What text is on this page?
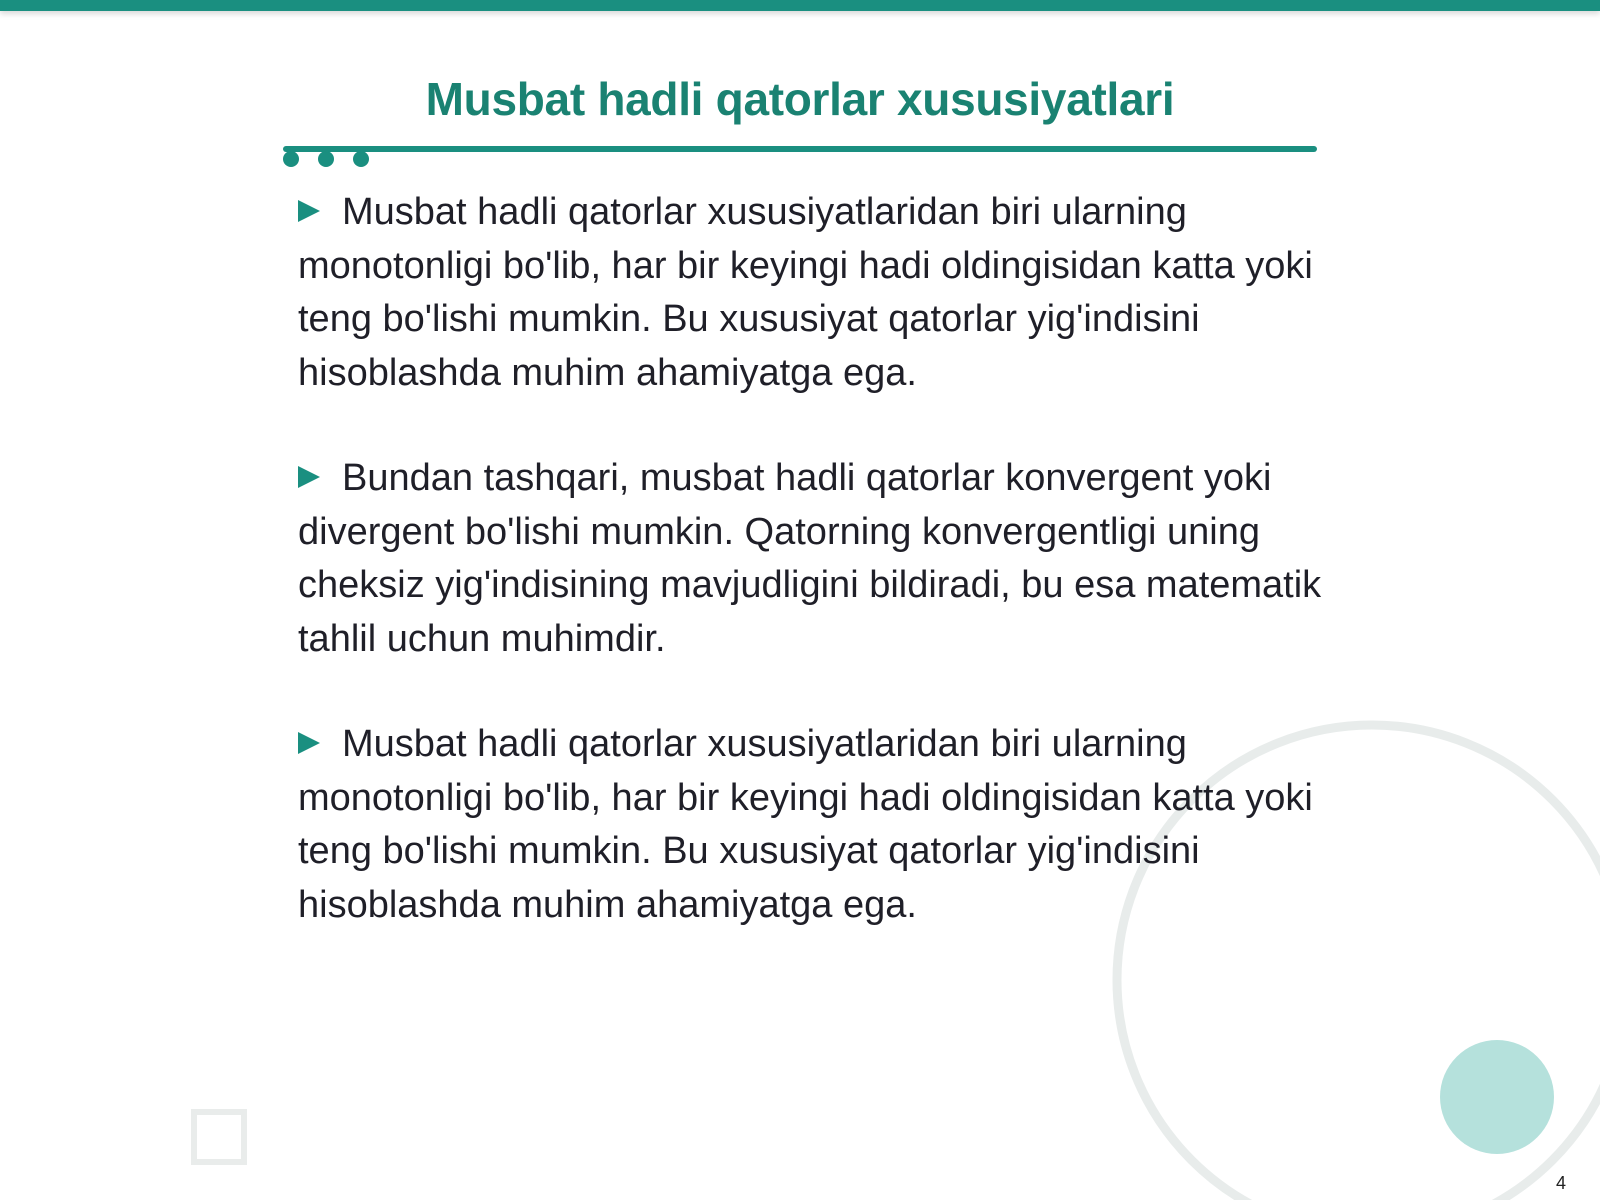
Musbat hadli qatorlar xususiyatlari

Musbat hadli qatorlar xususiyatlaridan biri ularning monotonligi bo'lib, har bir keyingi hadi oldingisidan katta yoki teng bo'lishi mumkin. Bu xususiyat qatorlar yig'indisini hisoblashda muhim ahamiyatga ega.

Bundan tashqari, musbat hadli qatorlar konvergent yoki divergent bo'lishi mumkin. Qatorning konvergentligi uning cheksiz yig'indisining mavjudligini bildiradi, bu esa matematik tahlil uchun muhimdir.

Musbat hadli qatorlar xususiyatlaridan biri ularning monotonligi bo'lib, har bir keyingi hadi oldingisidan katta yoki teng bo'lishi mumkin. Bu xususiyat qatorlar yig'indisini hisoblashda muhim ahamiyatga ega.

4
